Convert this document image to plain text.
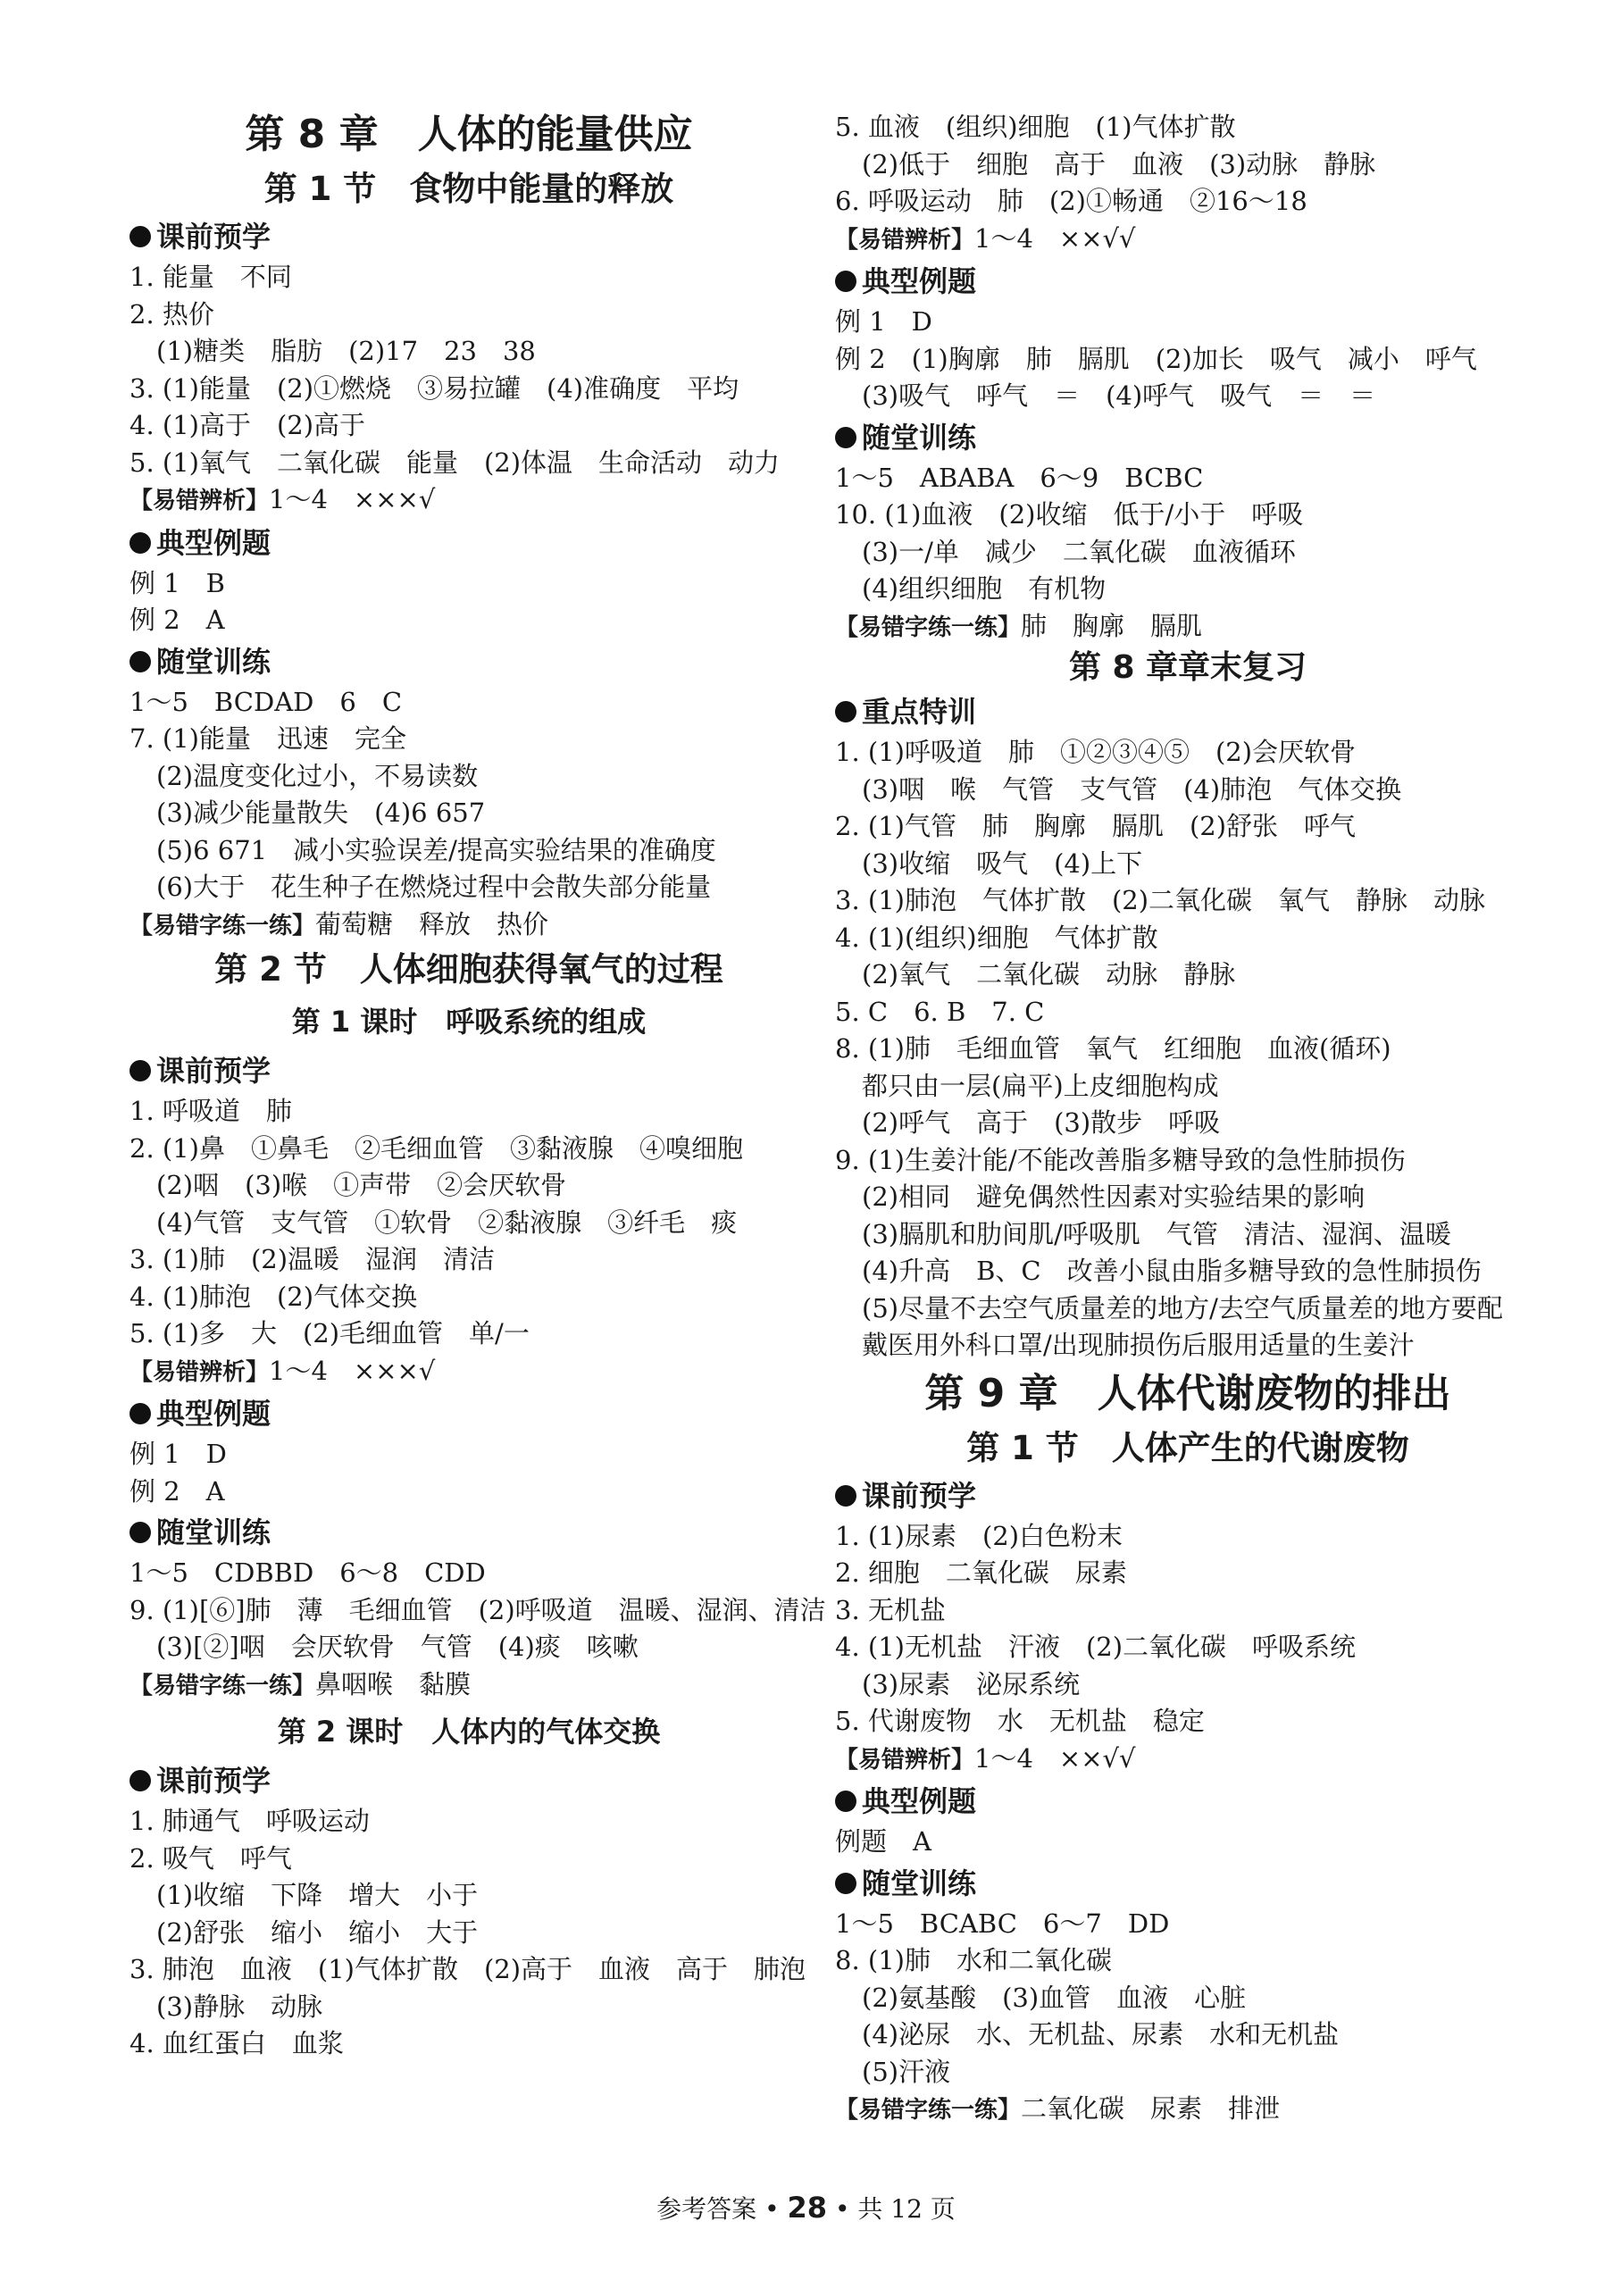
第 8 章　人体的能量供应
第 1 节　食物中能量的释放
课前预学
1. 能量　不同
2. 热价
(1)糖类　脂肪　(2)17　23　38
3. (1)能量　(2)①燃烧　③易拉罐　(4)准确度　平均
4. (1)高于　(2)高于
5. (1)氧气　二氧化碳　能量　(2)体温　生命活动　动力
【易错辨析】1～4　×××√
典型例题
例 1　B
例 2　A
随堂训练
1～5　BCDAD　6　C
7. (1)能量　迅速　完全
(2)温度变化过小，不易读数
(3)减少能量散失　(4)6 657
(5)6 671　减小实验误差/提高实验结果的准确度
(6)大于　花生种子在燃烧过程中会散失部分能量
【易错字练一练】葡萄糖　释放　热价
第 2 节　人体细胞获得氧气的过程
第 1 课时　呼吸系统的组成
课前预学
1. 呼吸道　肺
2. (1)鼻　①鼻毛　②毛细血管　③黏液腺　④嗅细胞
(2)咽　(3)喉　①声带　②会厌软骨
(4)气管　支气管　①软骨　②黏液腺　③纤毛　痰
3. (1)肺　(2)温暖　湿润　清洁
4. (1)肺泡　(2)气体交换
5. (1)多　大　(2)毛细血管　单/一
【易错辨析】1～4　×××√
典型例题
例 1　D
例 2　A
随堂训练
1～5　CDBBD　6～8　CDD
9. (1)[⑥]肺　薄　毛细血管　(2)呼吸道　温暖、湿润、清洁
(3)[②]咽　会厌软骨　气管　(4)痰　咳嗽
【易错字练一练】鼻咽喉　黏膜
第 2 课时　人体内的气体交换
课前预学
1. 肺通气　呼吸运动
2. 吸气　呼气
(1)收缩　下降　增大　小于
(2)舒张　缩小　缩小　大于
3. 肺泡　血液　(1)气体扩散　(2)高于　血液　高于　肺泡
(3)静脉　动脉
4. 血红蛋白　血浆
5. 血液　(组织)细胞　(1)气体扩散
(2)低于　细胞　高于　血液　(3)动脉　静脉
6. 呼吸运动　肺　(2)①畅通　②16～18
【易错辨析】1～4　××√√
典型例题
例 1　D
例 2　(1)胸廓　肺　膈肌　(2)加长　吸气　减小　呼气
(3)吸气　呼气　＝　(4)呼气　吸气　＝　＝
随堂训练
1～5　ABABA　6～9　BCBC
10. (1)血液　(2)收缩　低于/小于　呼吸
(3)一/单　减少　二氧化碳　血液循环
(4)组织细胞　有机物
【易错字练一练】肺　胸廓　膈肌
第 8 章章末复习
重点特训
1. (1)呼吸道　肺　①②③④⑤　(2)会厌软骨
(3)咽　喉　气管　支气管　(4)肺泡　气体交换
2. (1)气管　肺　胸廓　膈肌　(2)舒张　呼气
(3)收缩　吸气　(4)上下
3. (1)肺泡　气体扩散　(2)二氧化碳　氧气　静脉　动脉
4. (1)(组织)细胞　气体扩散
(2)氧气　二氧化碳　动脉　静脉
5. C　6. B　7. C
8. (1)肺　毛细血管　氧气　红细胞　血液(循环)
都只由一层(扁平)上皮细胞构成
(2)呼气　高于　(3)散步　呼吸
9. (1)生姜汁能/不能改善脂多糖导致的急性肺损伤
(2)相同　避免偶然性因素对实验结果的影响
(3)膈肌和肋间肌/呼吸肌　气管　清洁、湿润、温暖
(4)升高　B、C　改善小鼠由脂多糖导致的急性肺损伤
(5)尽量不去空气质量差的地方/去空气质量差的地方要配
戴医用外科口罩/出现肺损伤后服用适量的生姜汁
第 9 章　人体代谢废物的排出
第 1 节　人体产生的代谢废物
课前预学
1. (1)尿素　(2)白色粉末
2. 细胞　二氧化碳　尿素
3. 无机盐
4. (1)无机盐　汗液　(2)二氧化碳　呼吸系统
(3)尿素　泌尿系统
5. 代谢废物　水　无机盐　稳定
【易错辨析】1～4　××√√
典型例题
例题　A
随堂训练
1～5　BCABC　6～7　DD
8. (1)肺　水和二氧化碳
(2)氨基酸　(3)血管　血液　心脏
(4)泌尿　水、无机盐、尿素　水和无机盐
(5)汗液
【易错字练一练】二氧化碳　尿素　排泄
参考答案 • 28 • 共 12 页
